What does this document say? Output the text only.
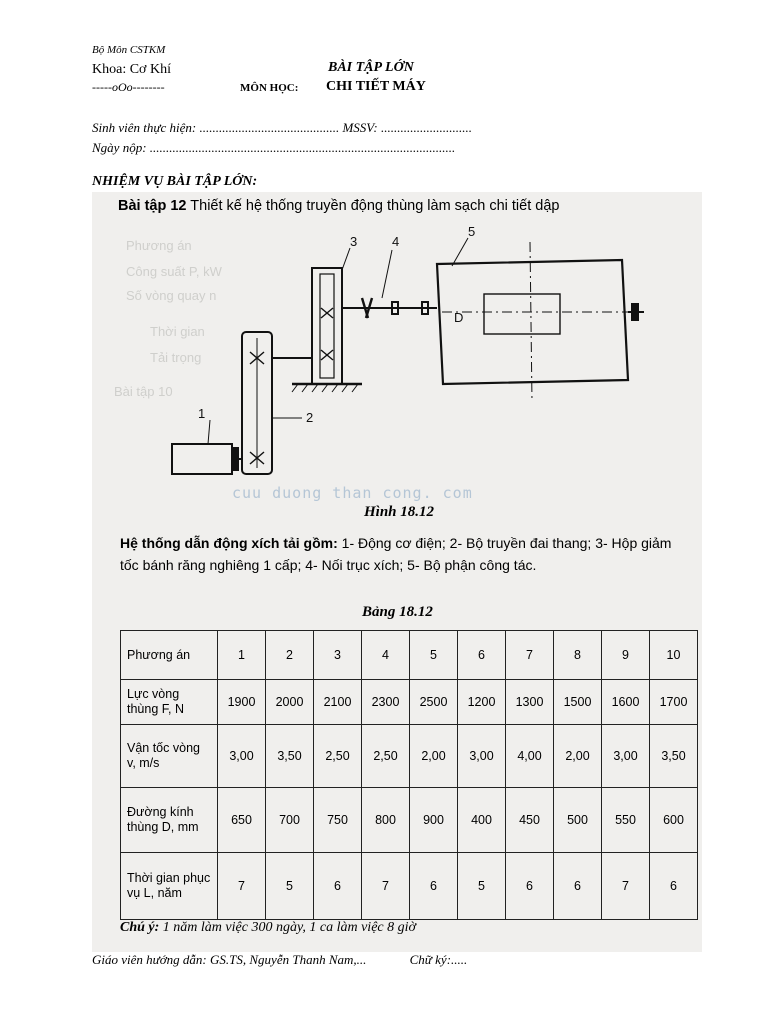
Bộ Môn CSTKM
Khoa: Cơ Khí
-----oOo--------
BÀI TẬP LỚN
MÔN HỌC: CHI TIẾT MÁY
Sinh viên thực hiện: ........................................... MSSV: ............................
Ngày nộp: ..............................................................................................
NHIỆM VỤ BÀI TẬP LỚN:
Phương án
Công suất P, kW
Số vòng quay n
Thời gian
Tải trọng
Bài tập 10
Bài tập 12 Thiết kế hệ thống truyền động thùng làm sạch chi tiết dập
1	2
3	4
5
D
cuu duong than cong. com
Hình 18.12
Hệ thống dẫn động xích tải gồm: 1- Động cơ điện; 2- Bộ truyền đai thang; 3- Hộp giảm tốc bánh răng nghiêng 1 cấp; 4- Nối trục xích; 5- Bộ phận công tác.
Bảng 18.12
Phương án	1	2	3	4	5	6	7	8	9	10
Lực vòng thùng F, N	1900	2000	2100	2300	2500	1200	1300	1500	1600	1700
Vận tốc vòng v, m/s	3,00	3,50	2,50	2,50	2,00	3,00	4,00	2,00	3,00	3,50
Đường kính thùng D, mm	650	700	750	800	900	400	450	500	550	600
Thời gian phục vụ L, năm	7	5	6	7	6	5	6	6	7	6
Chú ý: 1 năm làm việc 300 ngày, 1 ca làm việc 8 giờ
Giáo viên hướng dẫn: GS.TS, Nguyễn Thanh Nam,...	Chữ ký:.....
